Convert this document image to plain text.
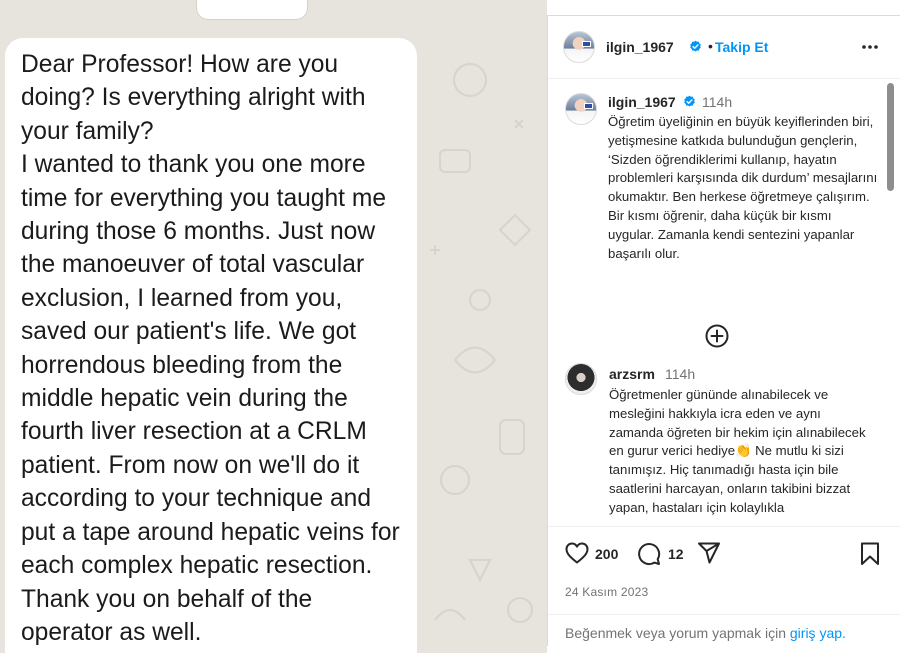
Dear Professor! How are you doing? Is everything alright with your family?
I wanted to thank you one more time for everything you taught me during those 6 months. Just now the manoeuver of total vascular exclusion, I learned from you, saved our patient's life. We got horrendous bleeding from the middle hepatic vein during the fourth liver resection at a CRLM patient. From now on we'll do it according to your technique and put a tape around hepatic veins for each complex hepatic resection. Thank you on behalf of the operator as well.

ilgin_1967 • Takip Et
ilgin_1967 114h
Öğretim üyeliğinin en büyük keyiflerinden biri, yetişmesine katkıda bulunduğun gençlerin, ‘Sizden öğrendiklerimi kullanıp, hayatın problemleri karşısında dik durdum’ mesajlarını okumaktır. Ben herkese öğretmeye çalışırım. Bir kısmı öğrenir, daha küçük bir kısmı uygular. Zamanla kendi sentezini yapanlar başarılı olur.
arzsrm 114h
Öğretmenler gününde alınabilecek ve mesleğini hakkıyla icra eden ve aynı zamanda öğreten bir hekim için alınabilecek en gurur verici hediye👏 Ne mutlu ki sizi tanımışız. Hiç tanımadığı hasta için bile saatlerini harcayan, onların takibini bizzat yapan, hastaları için kolaylıkla
200	12
24 Kasım 2023
Beğenmek veya yorum yapmak için giriş yap.
